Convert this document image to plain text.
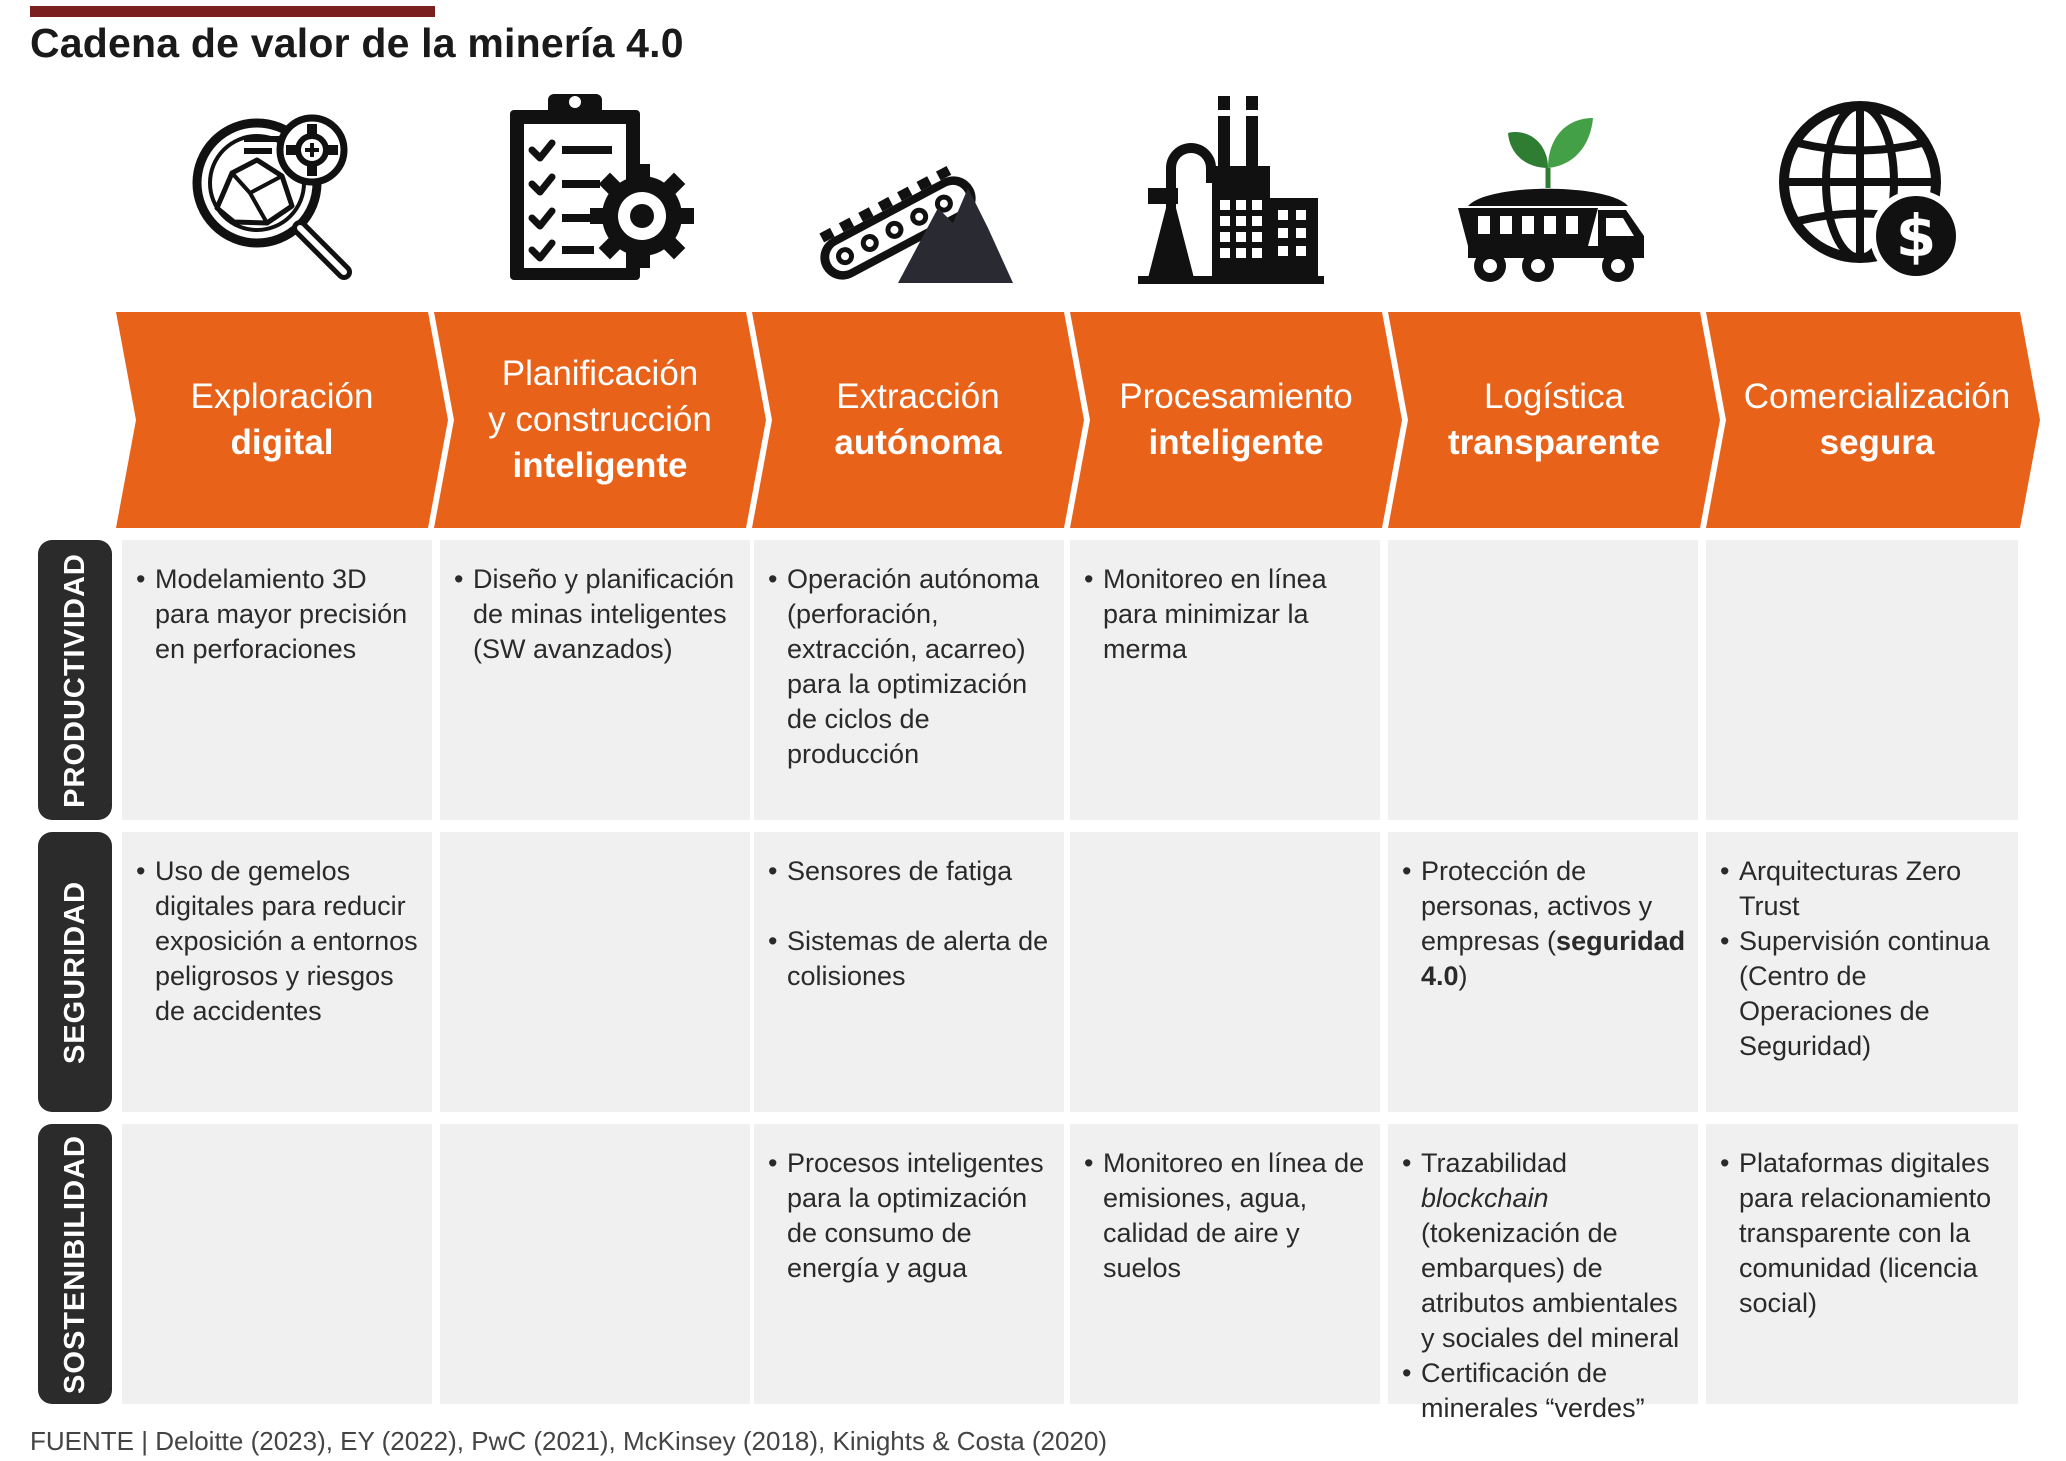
Cadena de valor de la minería 4.0
$
Exploración
digital
Planificación
y construcción
inteligente
Extracción
autónoma
Procesamiento
inteligente
Logística
transparente
Comercialización
segura
PRODUCTIVIDAD
SEGURIDAD
SOSTENIBILIDAD
• Modelamiento 3D para mayor precisión en perforaciones
• Diseño y planificación de minas inteligentes (SW avanzados)
• Operación autónoma (perforación, extracción, acarreo) para la optimización de ciclos de producción
• Monitoreo en línea para minimizar la merma
• Uso de gemelos digitales para reducir exposición a entornos peligrosos y riesgos de accidentes
• Sensores de fatiga
• Sistemas de alerta de colisiones
• Protección de personas, activos y empresas (seguridad 4.0)
• Arquitecturas Zero Trust
• Supervisión continua (Centro de Operaciones de Seguridad)
• Procesos inteligentes para la optimización de consumo de energía y agua
• Monitoreo en línea de emisiones, agua, calidad de aire y suelos
• Trazabilidad blockchain (tokenización de embarques) de atributos ambientales y sociales del mineral
• Certificación de minerales “verdes”
• Plataformas digitales para relacionamiento transparente con la comunidad (licencia social)
FUENTE | Deloitte (2023), EY (2022), PwC (2021), McKinsey (2018), Kinights & Costa (2020)
